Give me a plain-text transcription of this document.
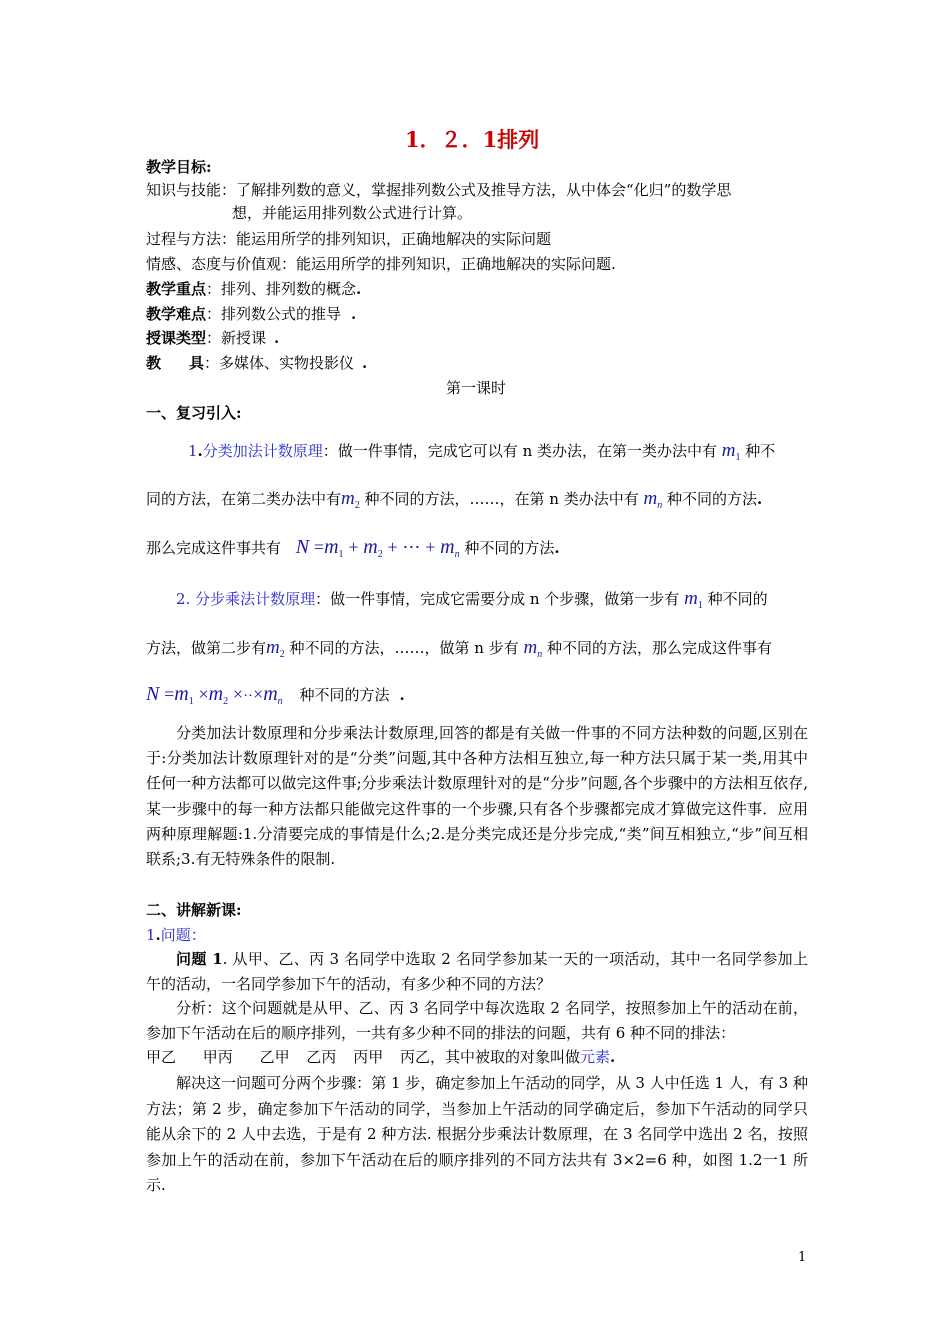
1．２．1排列
教学目标:
知识与技能：了解排列数的意义，掌握排列数公式及推导方法，从中体会“化归”的数学思
想，并能运用排列数公式进行计算。
过程与方法：能运用所学的排列知识，正确地解决的实际问题
情感、态度与价值观：能运用所学的排列知识，正确地解决的实际问题.
教学重点：排列、排列数的概念.
教学难点：排列数公式的推导 .
授课类型：新授课 .
教 具：多媒体、实物投影仪 .
第一课时
一、复习引入:
1.分类加法计数原理：做一件事情，完成它可以有 n 类办法，在第一类办法中有 $m_1$ 种不
同的方法，在第二类办法中有$m_2$ 种不同的方法，……，在第 n 类办法中有 $m_n$ 种不同的方法.
那么完成这件事共有 $N =m_1 + m_2$ + ⋯ + $m_n$ 种不同的方法.
2. 分步乘法计数原理：做一件事情，完成它需要分成 n 个步骤，做第一步有 $m_1$ 种不同的
方法，做第二步有$m_2$ 种不同的方法，……，做第 n 步有 $m_n$ 种不同的方法，那么完成这件事有
$N =m_1 \times m_2 \times\cdot\cdot\times m_n$ 种不同的方法 .
分类加法计数原理和分步乘法计数原理,回答的都是有关做一件事的不同方法种数的问题,区别在于:分类加法计数原理针对的是“分类”问题,其中各种方法相互独立,每一种方法只属于某一类,用其中任何一种方法都可以做完这件事;分步乘法计数原理针对的是“分步”问题,各个步骤中的方法相互依存,某一步骤中的每一种方法都只能做完这件事的一个步骤,只有各个步骤都完成才算做完这件事．应用两种原理解题:1.分清要完成的事情是什么;2.是分类完成还是分步完成,“类”间互相独立,“步”间互相联系;3.有无特殊条件的限制.
二、讲解新课:
1.问题：
问题 1. 从甲、乙、丙 3 名同学中选取 2 名同学参加某一天的一项活动，其中一名同学参加上午的活动，一名同学参加下午的活动，有多少种不同的方法？
分析：这个问题就是从甲、乙、丙 3 名同学中每次选取 2 名同学，按照参加上午的活动在前，参加下午活动在后的顺序排列，一共有多少种不同的排法的问题，共有 6 种不同的排法：
甲乙 甲丙 乙甲 乙丙 丙甲 丙乙，其中被取的对象叫做元素.
解决这一问题可分两个步骤：第 1 步，确定参加上午活动的同学，从 3 人中任选 1 人，有 3 种方法；第 2 步，确定参加下午活动的同学，当参加上午活动的同学确定后，参加下午活动的同学只能从余下的 2 人中去选，于是有 2 种方法. 根据分步乘法计数原理，在 3 名同学中选出 2 名，按照参加上午的活动在前，参加下午活动在后的顺序排列的不同方法共有 3×2=6 种，如图 1.2一1 所示.
1
